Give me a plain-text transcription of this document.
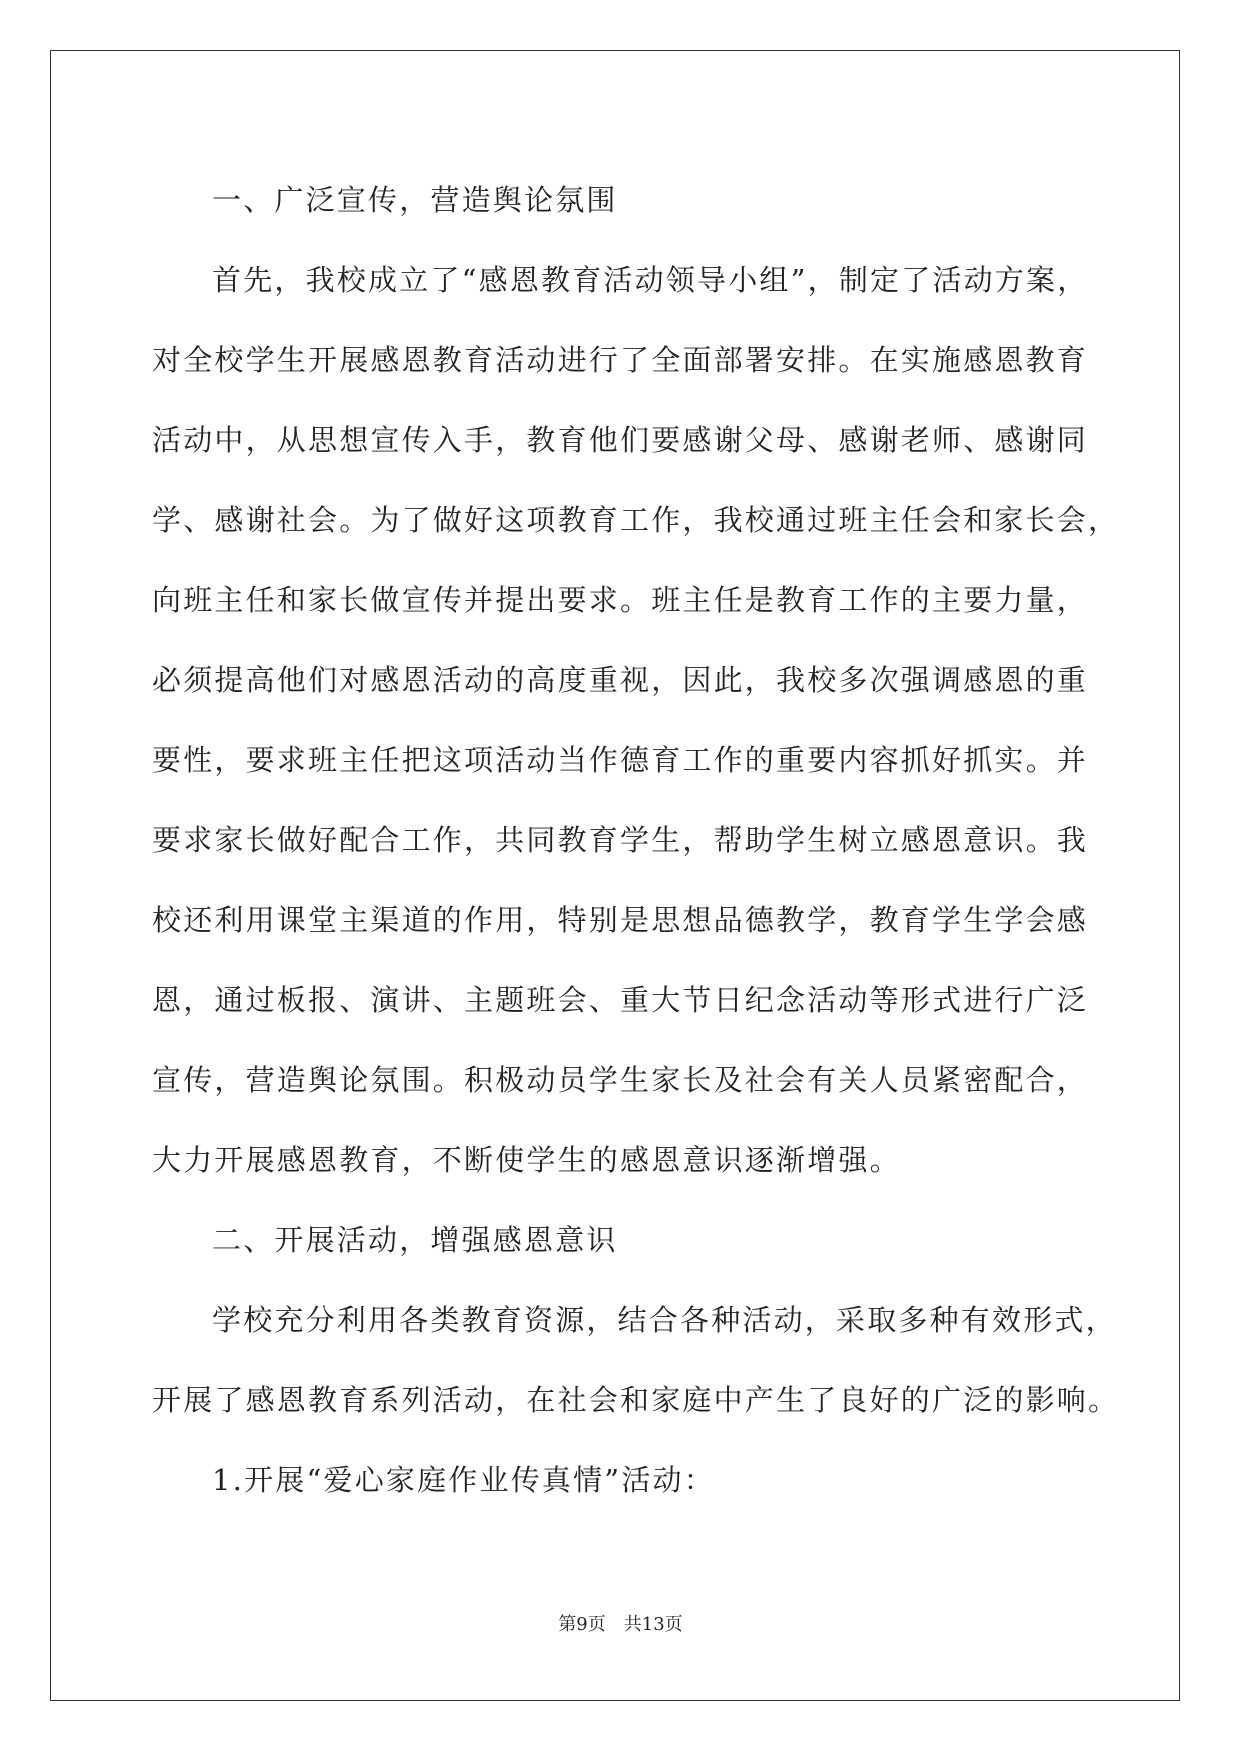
一、广泛宣传，营造舆论氛围
首先，我校成立了“感恩教育活动领导小组”，制定了活动方案，
对全校学生开展感恩教育活动进行了全面部署安排。在实施感恩教育
活动中，从思想宣传入手，教育他们要感谢父母、感谢老师、感谢同
学、感谢社会。为了做好这项教育工作，我校通过班主任会和家长会，
向班主任和家长做宣传并提出要求。班主任是教育工作的主要力量，
必须提高他们对感恩活动的高度重视，因此，我校多次强调感恩的重
要性，要求班主任把这项活动当作德育工作的重要内容抓好抓实。并
要求家长做好配合工作，共同教育学生，帮助学生树立感恩意识。我
校还利用课堂主渠道的作用，特别是思想品德教学，教育学生学会感
恩，通过板报、演讲、主题班会、重大节日纪念活动等形式进行广泛
宣传，营造舆论氛围。积极动员学生家长及社会有关人员紧密配合，
大力开展感恩教育，不断使学生的感恩意识逐渐增强。
二、开展活动，增强感恩意识
学校充分利用各类教育资源，结合各种活动，采取多种有效形式，
开展了感恩教育系列活动，在社会和家庭中产生了良好的广泛的影响。
1.开展“爱心家庭作业传真情”活动：
第9页　共13页
